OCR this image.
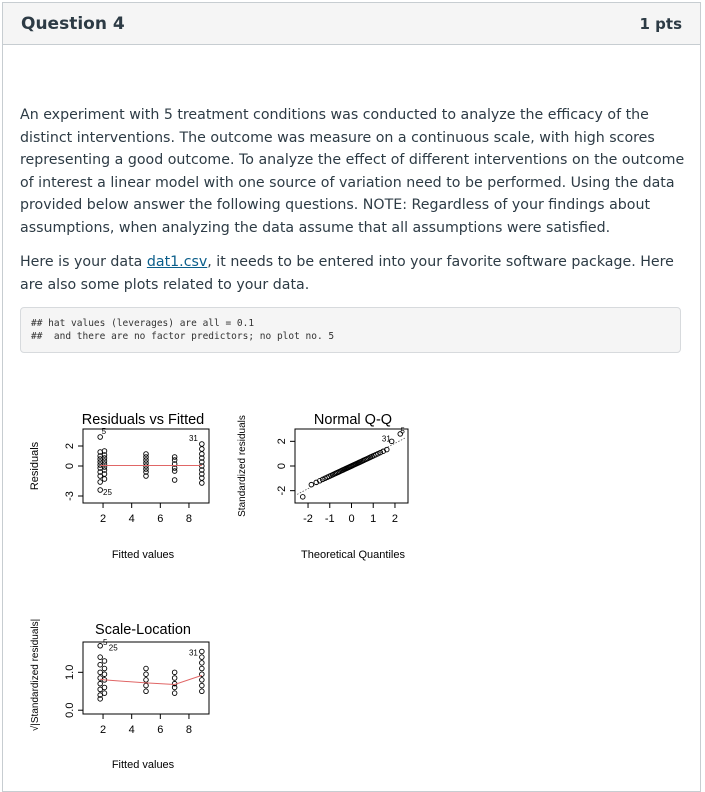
Question 4	1 pts

An experiment with 5 treatment conditions was conducted to analyze the efficacy of the distinct interventions. The outcome was measure on a continuous scale, with high scores representing a good outcome. To analyze the effect of different interventions on the outcome of interest a linear model with one source of variation need to be performed. Using the data provided below answer the following questions. NOTE: Regardless of your findings about assumptions, when analyzing the data assume that all assumptions were satisfied.

Here is your data dat1.csv, it needs to be entered into your favorite software package. Here are also some plots related to your data.

## hat values (leverages) are all = 0.1
##  and there are no factor predictors; no plot no. 5
Residuals vs Fitted
Fitted values
Residuals
2 4 6 8
-3
0
2
5
31
25
Normal Q-Q
Theoretical Quantiles
Standardized residuals
-2 -1 0 1 2
-2
0
2
5
31
Scale-Location
Fitted values
√|Standardized residuals|	2 4 6 8
0.0
1.0
5
25
31
